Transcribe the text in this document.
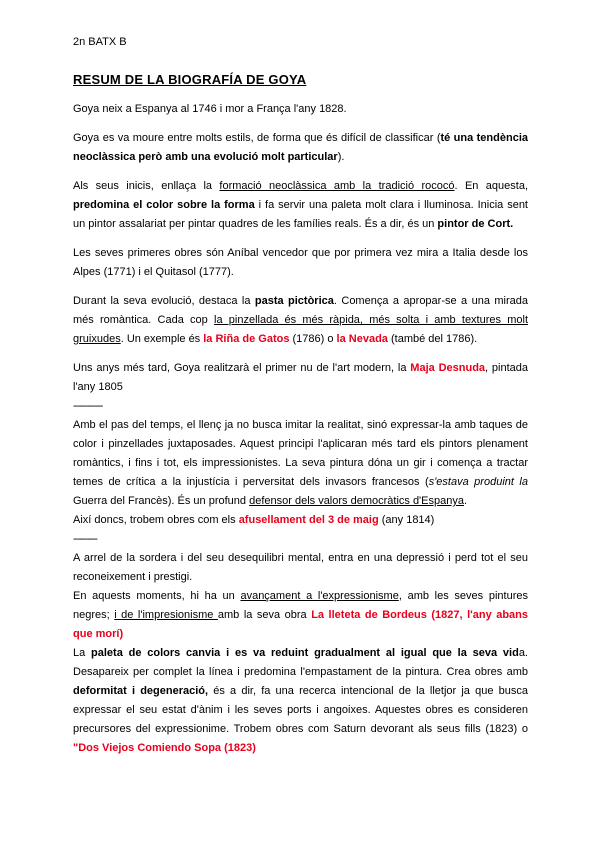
2n BATX B
RESUM DE LA BIOGRAFÍA DE GOYA

Goya neix a Espanya al 1746 i mor a França l'any 1828.

Goya es va moure entre molts estils, de forma que és difícil de classificar (té una tendència neoclàssica però amb una evolució molt particular).

Als seus inicis, enllaça la formació neoclàssica amb la tradició rococó. En aquesta, predomina el color sobre la forma i fa servir una paleta molt clara i lluminosa. Inicia sent un pintor assalariat per pintar quadres de les famílies reals. És a dir, és un pintor de Cort.

Les seves primeres obres són Aníbal vencedor que por primera vez mira a Italia desde los Alpes (1771) i el Quitasol (1777).

Durant la seva evolució, destaca la pasta pictòrica. Comença a apropar-se a una mirada més romàntica. Cada cop la pinzellada és més ràpida, més solta i amb textures molt gruixudes. Un exemple és la Riña de Gatos (1786) o la Nevada (també del 1786).

Uns anys més tard, Goya realitzarà el primer nu de l'art modern, la Maja Desnuda, pintada l'any 1805

-----------

Amb el pas del temps, el llenç ja no busca imitar la realitat, sinó expressar-la amb taques de color i pinzellades juxtaposades. Aquest principi l'aplicaran més tard els pintors plenament romàntics, i fins i tot, els impressionistes. La seva pintura dóna un gir i comença a tractar temes de crítica a la injustícia i perversitat dels invasors francesos (s'estava produint la Guerra del Francès). És un profund defensor dels valors democràtics d'Espanya.

Així doncs, trobem obres com els afusellament del 3 de maig (any 1814)

---------

A arrel de la sordera i del seu desequilibri mental, entra en una depressió i perd tot el seu reconeixement i prestigi.

En aquests moments, hi ha un avançament a l'expressionisme, amb les seves pintures negres; i de l'impresionisme amb la seva obra La lleteta de Bordeus (1827, l'any abans que morí)

La paleta de colors canvia i es va reduint gradualment al igual que la seva vida. Desapareix per complet la línea i predomina l'empastament de la pintura. Crea obres amb deformitat i degeneració, és a dir, fa una recerca intencional de la lletjor ja que busca expressar el seu estat d'ànim i les seves ports i angoixes. Aquestes obres es consideren precursores del expressionime. Trobem obres com Saturn devorant als seus fills (1823) o "Dos Viejos Comiendo Sopa (1823)
